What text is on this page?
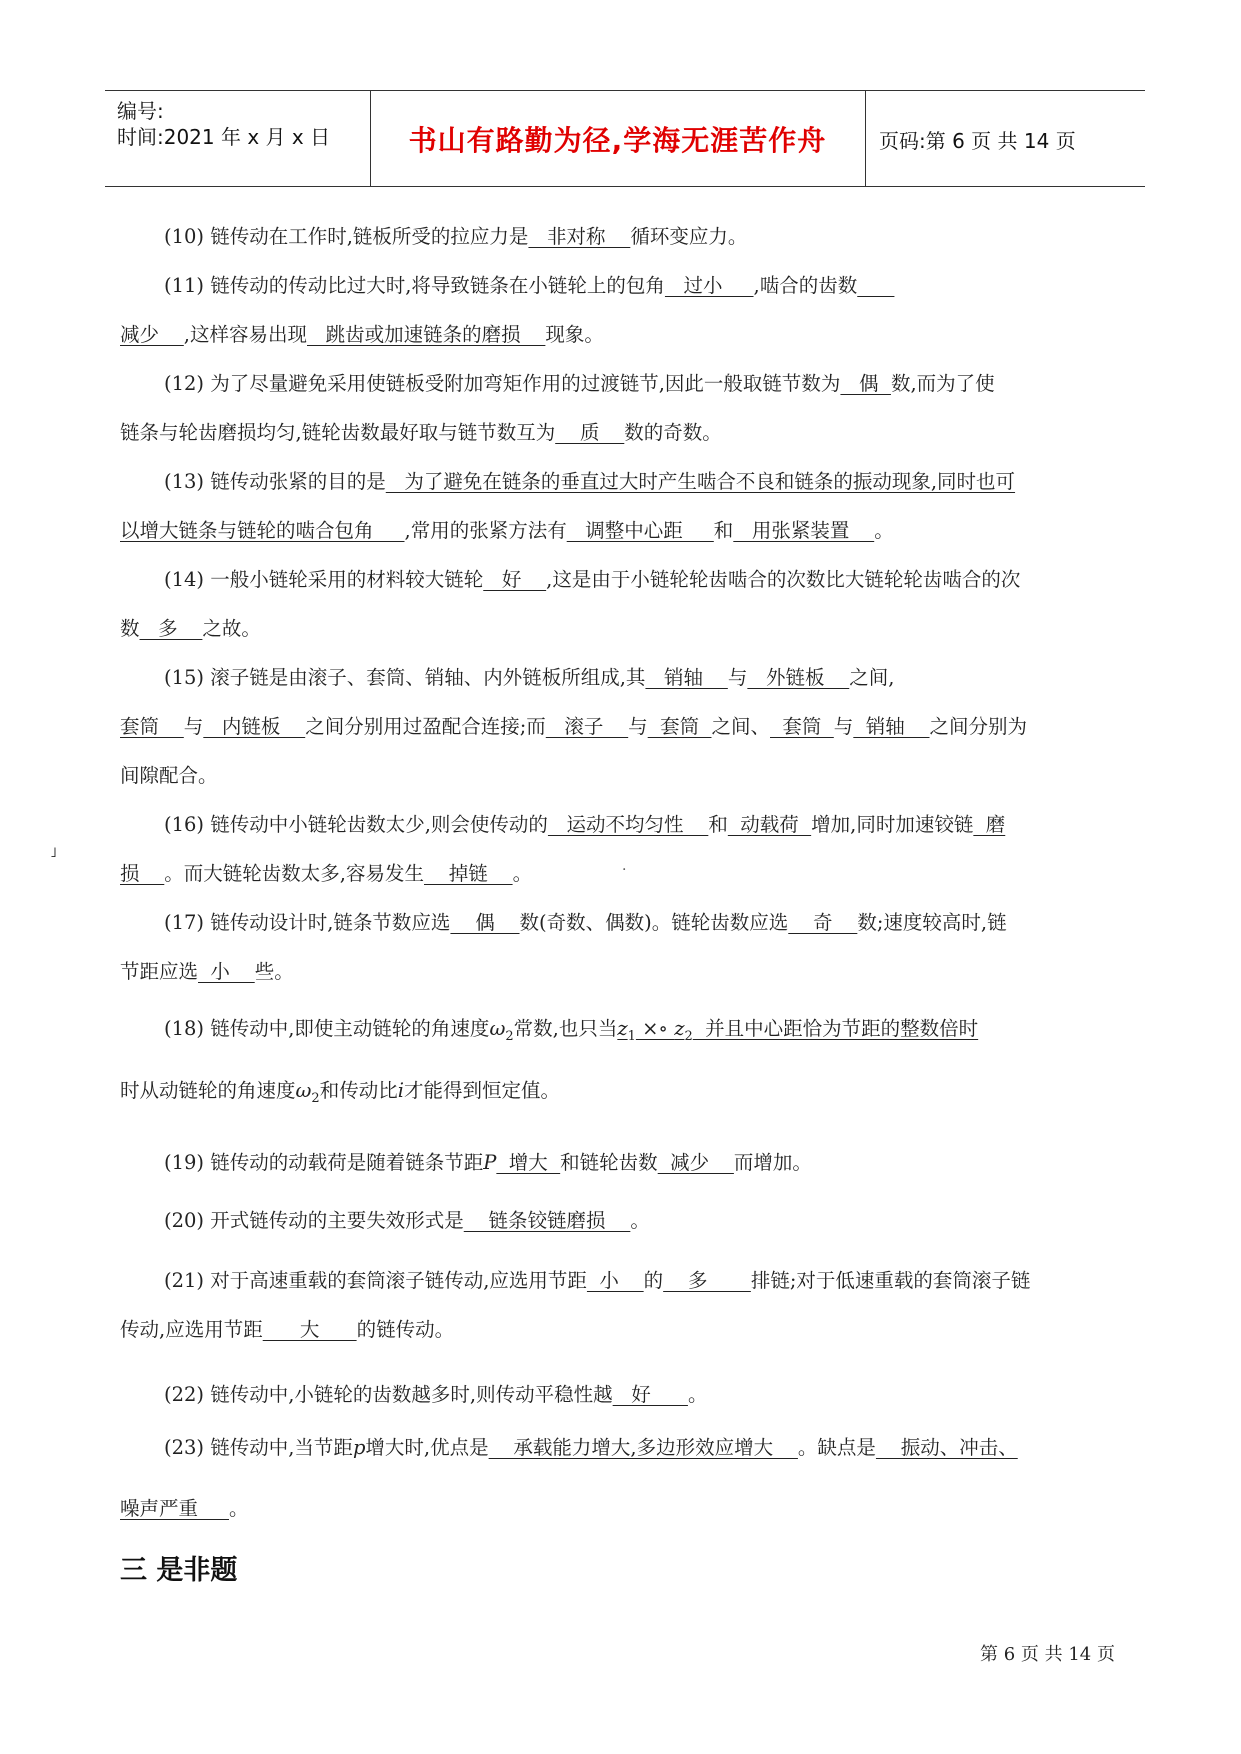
编号:
时间:2021 年 x 月 x 日	书山有路勤为径,学海无涯苦作舟	页码:第 6 页 共 14 页
(10) 链传动在工作时,链板所受的拉应力是   非对称    循环变应力。
(11) 链传动的传动比过大时,将导致链条在小链轮上的包角   过小     ,啮合的齿数
减少    ,这样容易出现   跳齿或加速链条的磨损    现象。
(12) 为了尽量避免采用使链板受附加弯矩作用的过渡链节,因此一般取链节数为   偶  数,而为了使
链条与轮齿磨损均匀,链轮齿数最好取与链节数互为    质    数的奇数。
(13) 链传动张紧的目的是   为了避免在链条的垂直过大时产生啮合不良和链条的振动现象,同时也可
以增大链条与链轮的啮合包角     ,常用的张紧方法有   调整中心距     和   用张紧装置    。
(14) 一般小链轮采用的材料较大链轮   好    ,这是由于小链轮轮齿啮合的次数比大链轮轮齿啮合的次
数   多    之故。
(15) 滚子链是由滚子、套筒、销轴、内外链板所组成,其   销轴    与   外链板    之间,
套筒    与   内链板    之间分别用过盈配合连接;而   滚子    与  套筒  之间、  套筒  与  销轴    之间分别为
间隙配合。
˩
(16) 链传动中小链轮齿数太少,则会使传动的   运动不均匀性    和  动载荷  增加,同时加速铰链  磨
损    。而大链轮齿数太多,容易发生    掉链    。	·
(17) 链传动设计时,链条节数应选    偶    数(奇数、偶数)。链轮齿数应选    奇    数;速度较高时,链
节距应选  小    些。
(18) 链传动中,即使主动链轮的角速度$\omega_2$常数,也只当$z_1$ ×∘ $z_2$  并且中心距恰为节距的整数倍时
时从动链轮的角速度$\omega_2$和传动比i才能得到恒定值。
(19) 链传动的动载荷是随着链条节距P  增大  和链轮齿数  减少    而增加。
(20) 开式链传动的主要失效形式是    链条铰链磨损    。
(21) 对于高速重载的套筒滚子链传动,应选用节距  小    的    多       排链;对于低速重载的套筒滚子链
传动,应选用节距      大      的链传动。
(22) 链传动中,小链轮的齿数越多时,则传动平稳性越   好      。
(23) 链传动中,当节距p增大时,优点是    承载能力增大,多边形效应增大    。缺点是    振动、冲击、
噪声严重     。
三 是非题
第 6 页 共 14 页
